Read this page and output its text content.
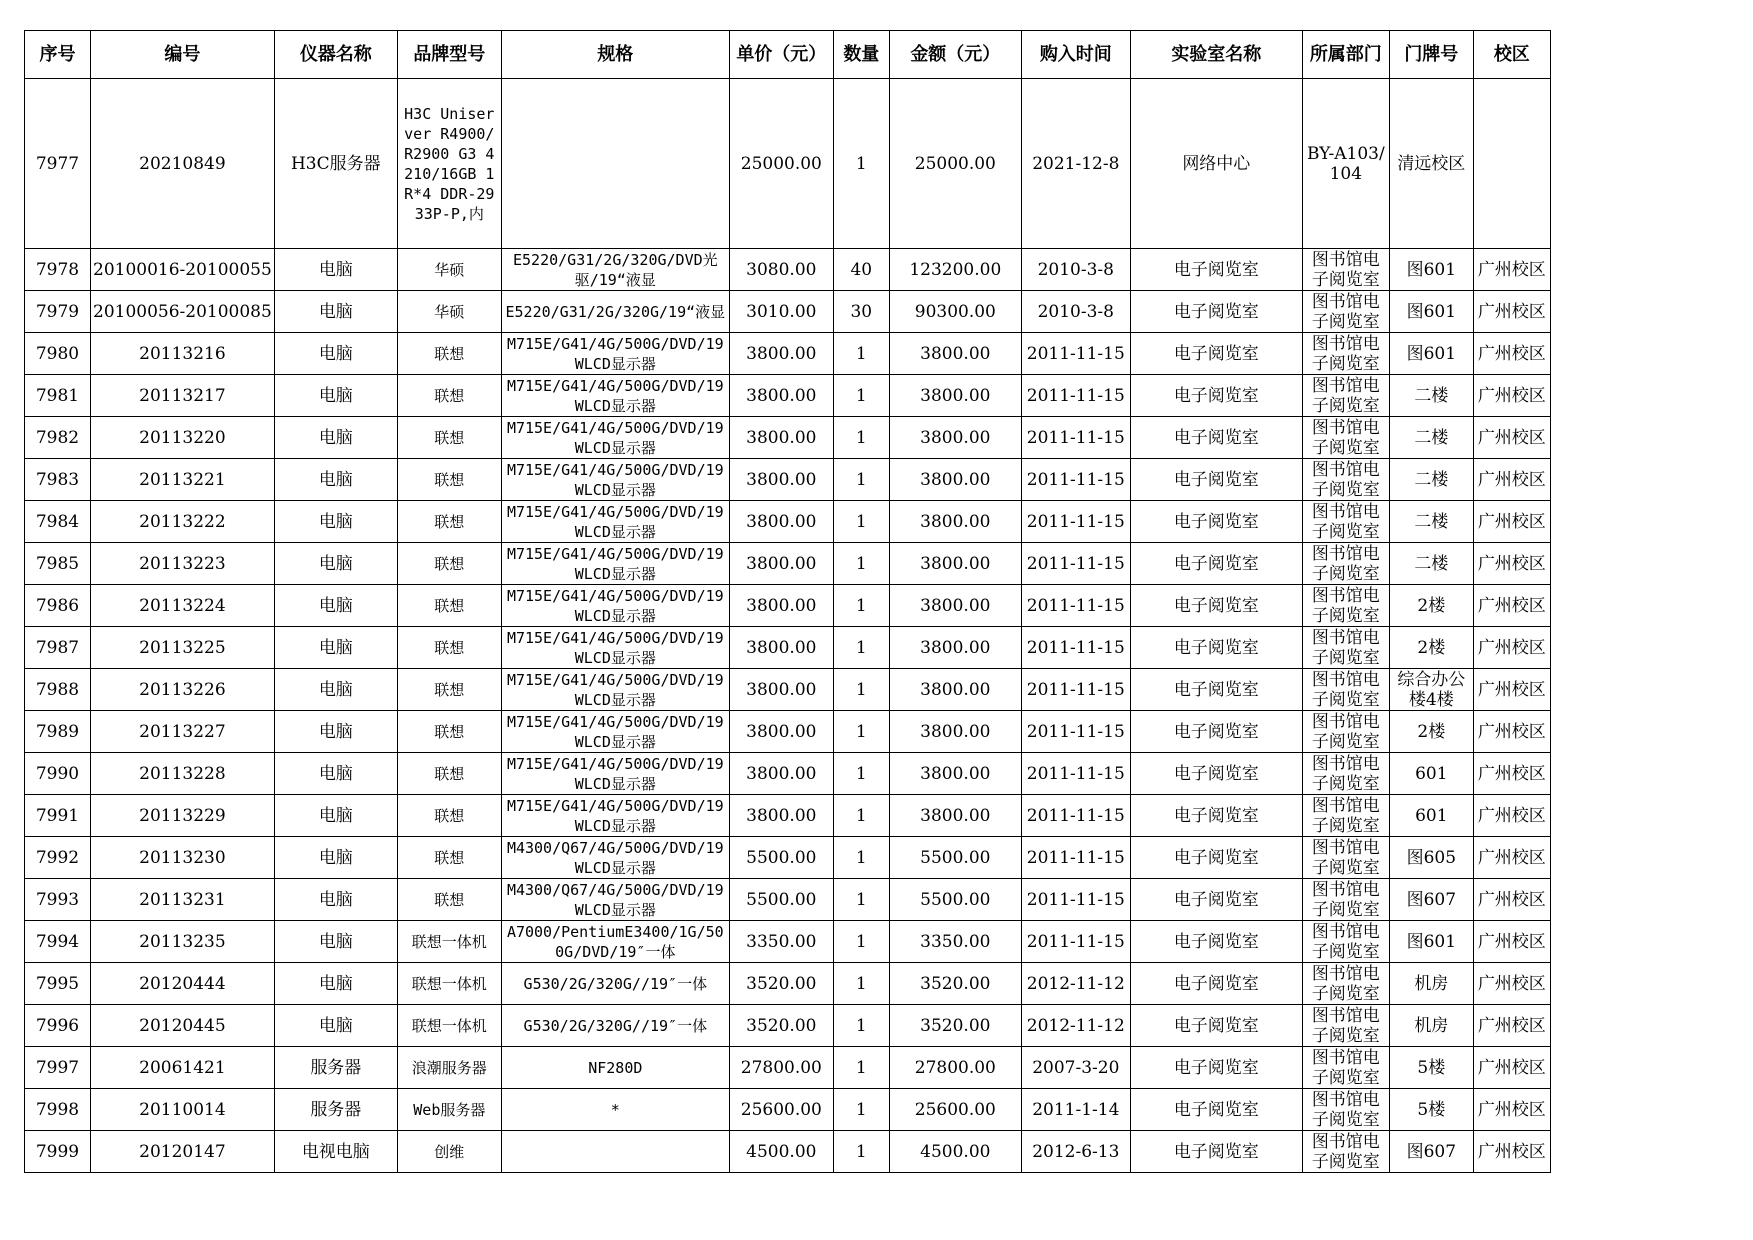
序号	编号	仪器名称	品牌型号	规格	单价（元）	数量	金额（元）	购入时间	实验室名称	所属部门	门牌号	校区
7977	20210849	H3C服务器	H3C Uniserver R4900/R2900 G3 4210/16GB 1R*4 DDR-2933P-P,内		25000.00	1	25000.00	2021-12-8	网络中心	BY-A103/104	清远校区	

7978	20100016-20100055	电脑	华硕	E5220/G31/2G/320G/DVD光驱/19“液显	3080.00	40	123200.00	2010-3-8	电子阅览室	图书馆电子阅览室	图601	广州校区
7979	20100056-20100085	电脑	华硕	E5220/G31/2G/320G/19“液显	3010.00	30	90300.00	2010-3-8	电子阅览室	图书馆电子阅览室	图601	广州校区
7980	20113216	电脑	联想	M715E/G41/4G/500G/DVD/19WLCD显示器	3800.00	1	3800.00	2011-11-15	电子阅览室	图书馆电子阅览室	图601	广州校区
7981	20113217	电脑	联想	M715E/G41/4G/500G/DVD/19WLCD显示器	3800.00	1	3800.00	2011-11-15	电子阅览室	图书馆电子阅览室	二楼	广州校区
7982	20113220	电脑	联想	M715E/G41/4G/500G/DVD/19WLCD显示器	3800.00	1	3800.00	2011-11-15	电子阅览室	图书馆电子阅览室	二楼	广州校区
7983	20113221	电脑	联想	M715E/G41/4G/500G/DVD/19WLCD显示器	3800.00	1	3800.00	2011-11-15	电子阅览室	图书馆电子阅览室	二楼	广州校区
7984	20113222	电脑	联想	M715E/G41/4G/500G/DVD/19WLCD显示器	3800.00	1	3800.00	2011-11-15	电子阅览室	图书馆电子阅览室	二楼	广州校区
7985	20113223	电脑	联想	M715E/G41/4G/500G/DVD/19WLCD显示器	3800.00	1	3800.00	2011-11-15	电子阅览室	图书馆电子阅览室	二楼	广州校区
7986	20113224	电脑	联想	M715E/G41/4G/500G/DVD/19WLCD显示器	3800.00	1	3800.00	2011-11-15	电子阅览室	图书馆电子阅览室	2楼	广州校区
7987	20113225	电脑	联想	M715E/G41/4G/500G/DVD/19WLCD显示器	3800.00	1	3800.00	2011-11-15	电子阅览室	图书馆电子阅览室	2楼	广州校区
7988	20113226	电脑	联想	M715E/G41/4G/500G/DVD/19WLCD显示器	3800.00	1	3800.00	2011-11-15	电子阅览室	图书馆电子阅览室	综合办公楼4楼	广州校区
7989	20113227	电脑	联想	M715E/G41/4G/500G/DVD/19WLCD显示器	3800.00	1	3800.00	2011-11-15	电子阅览室	图书馆电子阅览室	2楼	广州校区
7990	20113228	电脑	联想	M715E/G41/4G/500G/DVD/19WLCD显示器	3800.00	1	3800.00	2011-11-15	电子阅览室	图书馆电子阅览室	601	广州校区
7991	20113229	电脑	联想	M715E/G41/4G/500G/DVD/19WLCD显示器	3800.00	1	3800.00	2011-11-15	电子阅览室	图书馆电子阅览室	601	广州校区
7992	20113230	电脑	联想	M4300/Q67/4G/500G/DVD/19WLCD显示器	5500.00	1	5500.00	2011-11-15	电子阅览室	图书馆电子阅览室	图605	广州校区
7993	20113231	电脑	联想	M4300/Q67/4G/500G/DVD/19WLCD显示器	5500.00	1	5500.00	2011-11-15	电子阅览室	图书馆电子阅览室	图607	广州校区
7994	20113235	电脑	联想一体机	A7000/PentiumE3400/1G/500G/DVD/19″一体	3350.00	1	3350.00	2011-11-15	电子阅览室	图书馆电子阅览室	图601	广州校区
7995	20120444	电脑	联想一体机	G530/2G/320G//19″一体	3520.00	1	3520.00	2012-11-12	电子阅览室	图书馆电子阅览室	机房	广州校区
7996	20120445	电脑	联想一体机	G530/2G/320G//19″一体	3520.00	1	3520.00	2012-11-12	电子阅览室	图书馆电子阅览室	机房	广州校区
7997	20061421	服务器	浪潮服务器	NF280D	27800.00	1	27800.00	2007-3-20	电子阅览室	图书馆电子阅览室	5楼	广州校区
7998	20110014	服务器	Web服务器	*	25600.00	1	25600.00	2011-1-14	电子阅览室	图书馆电子阅览室	5楼	广州校区
7999	20120147	电视电脑	创维		4500.00	1	4500.00	2012-6-13	电子阅览室	图书馆电子阅览室	图607	广州校区
